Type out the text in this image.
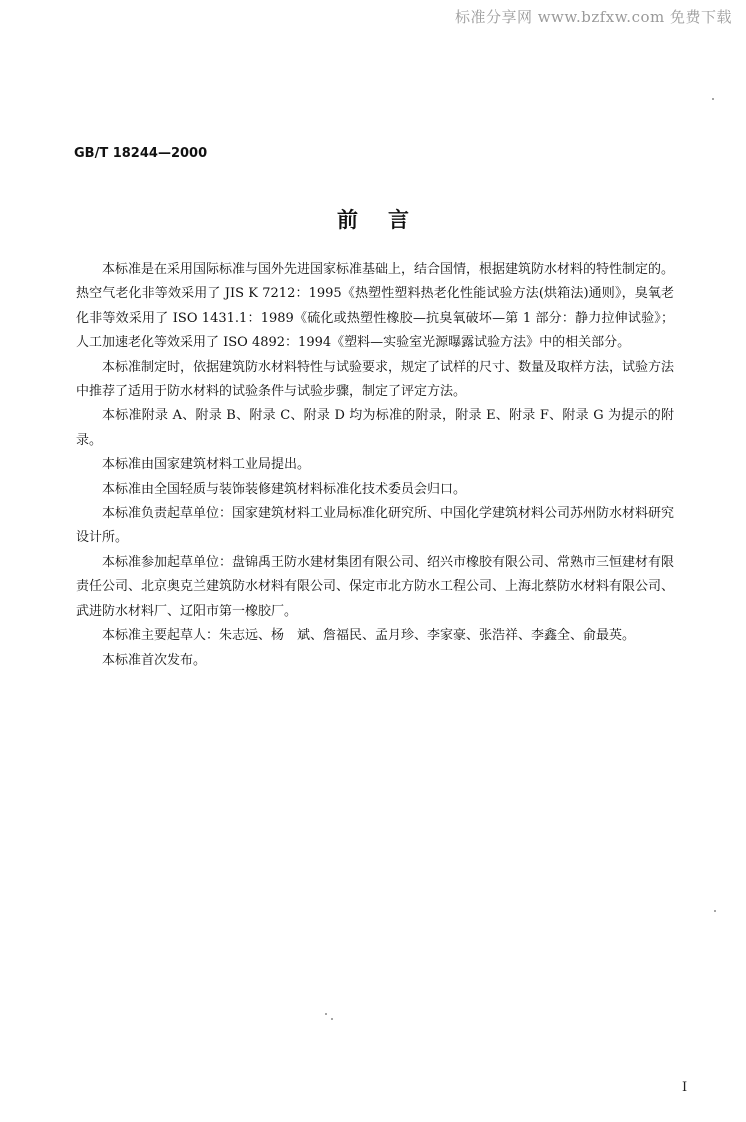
标准分享网 www.bzfxw.com 免费下载
GB/T 18244—2000
前言

本标准是在采用国际标准与国外先进国家标准基础上，结合国情，根据建筑防水材料的特性制定的。热空气老化非等效采用了 JIS K 7212：1995《热塑性塑料热老化性能试验方法(烘箱法)通则》，臭氧老化非等效采用了 ISO 1431.1：1989《硫化或热塑性橡胶—抗臭氧破坏—第 1 部分：静力拉伸试验》；人工加速老化等效采用了 ISO 4892：1994《塑料—实验室光源曝露试验方法》中的相关部分。

本标准制定时，依据建筑防水材料特性与试验要求，规定了试样的尺寸、数量及取样方法，试验方法中推荐了适用于防水材料的试验条件与试验步骤，制定了评定方法。

本标准附录 A、附录 B、附录 C、附录 D 均为标准的附录，附录 E、附录 F、附录 G 为提示的附录。

本标准由国家建筑材料工业局提出。

本标准由全国轻质与装饰装修建筑材料标准化技术委员会归口。

本标准负责起草单位：国家建筑材料工业局标准化研究所、中国化学建筑材料公司苏州防水材料研究设计所。

本标准参加起草单位：盘锦禹王防水建材集团有限公司、绍兴市橡胶有限公司、常熟市三恒建材有限责任公司、北京奥克兰建筑防水材料有限公司、保定市北方防水工程公司、上海北蔡防水材料有限公司、武进防水材料厂、辽阳市第一橡胶厂。

本标准主要起草人：朱志远、杨　斌、詹福民、孟月珍、李家豪、张浩祥、李鑫全、俞最英。

本标准首次发布。

I
